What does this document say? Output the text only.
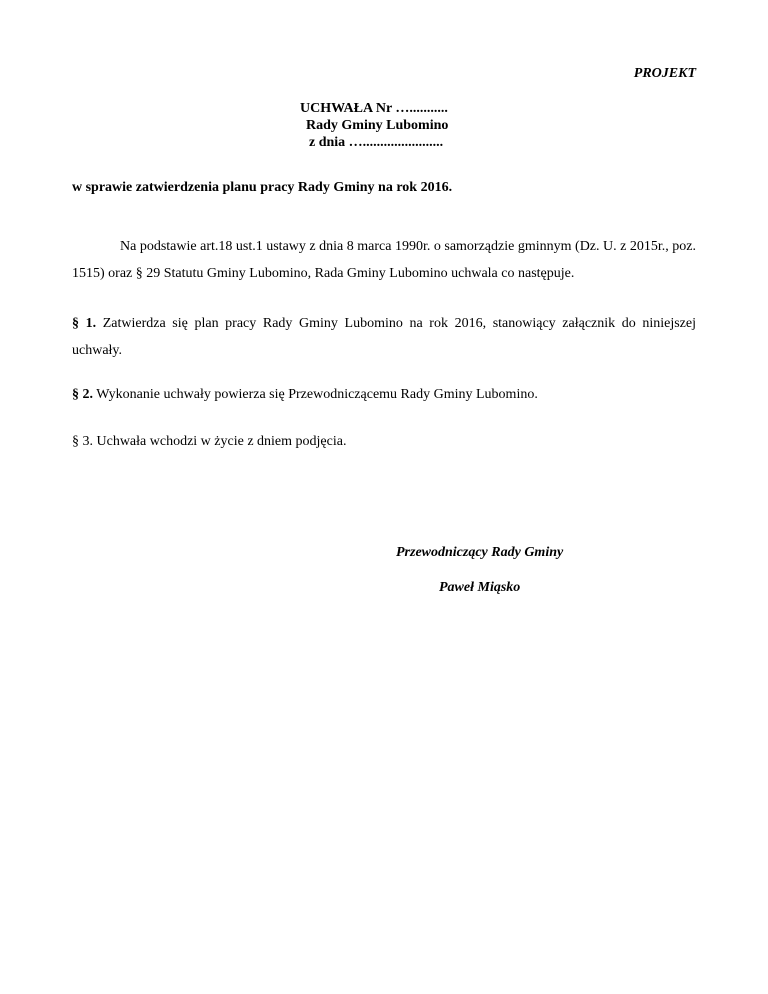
PROJEKT
UCHWAŁA Nr …...........
Rady Gminy Lubomino
z dnia ….......................
w sprawie zatwierdzenia planu pracy Rady Gminy na rok 2016.
Na podstawie art.18 ust.1 ustawy z dnia 8 marca 1990r. o samorządzie gminnym (Dz. U. z 2015r., poz. 1515) oraz § 29 Statutu Gminy Lubomino, Rada Gminy Lubomino uchwala co następuje.
§ 1. Zatwierdza się plan pracy Rady Gminy Lubomino na rok 2016, stanowiący załącznik do niniejszej uchwały.
§ 2. Wykonanie uchwały powierza się Przewodniczącemu Rady Gminy Lubomino.
§ 3. Uchwała wchodzi w życie z dniem podjęcia.
Przewodniczący Rady Gminy
Paweł Miąsko
